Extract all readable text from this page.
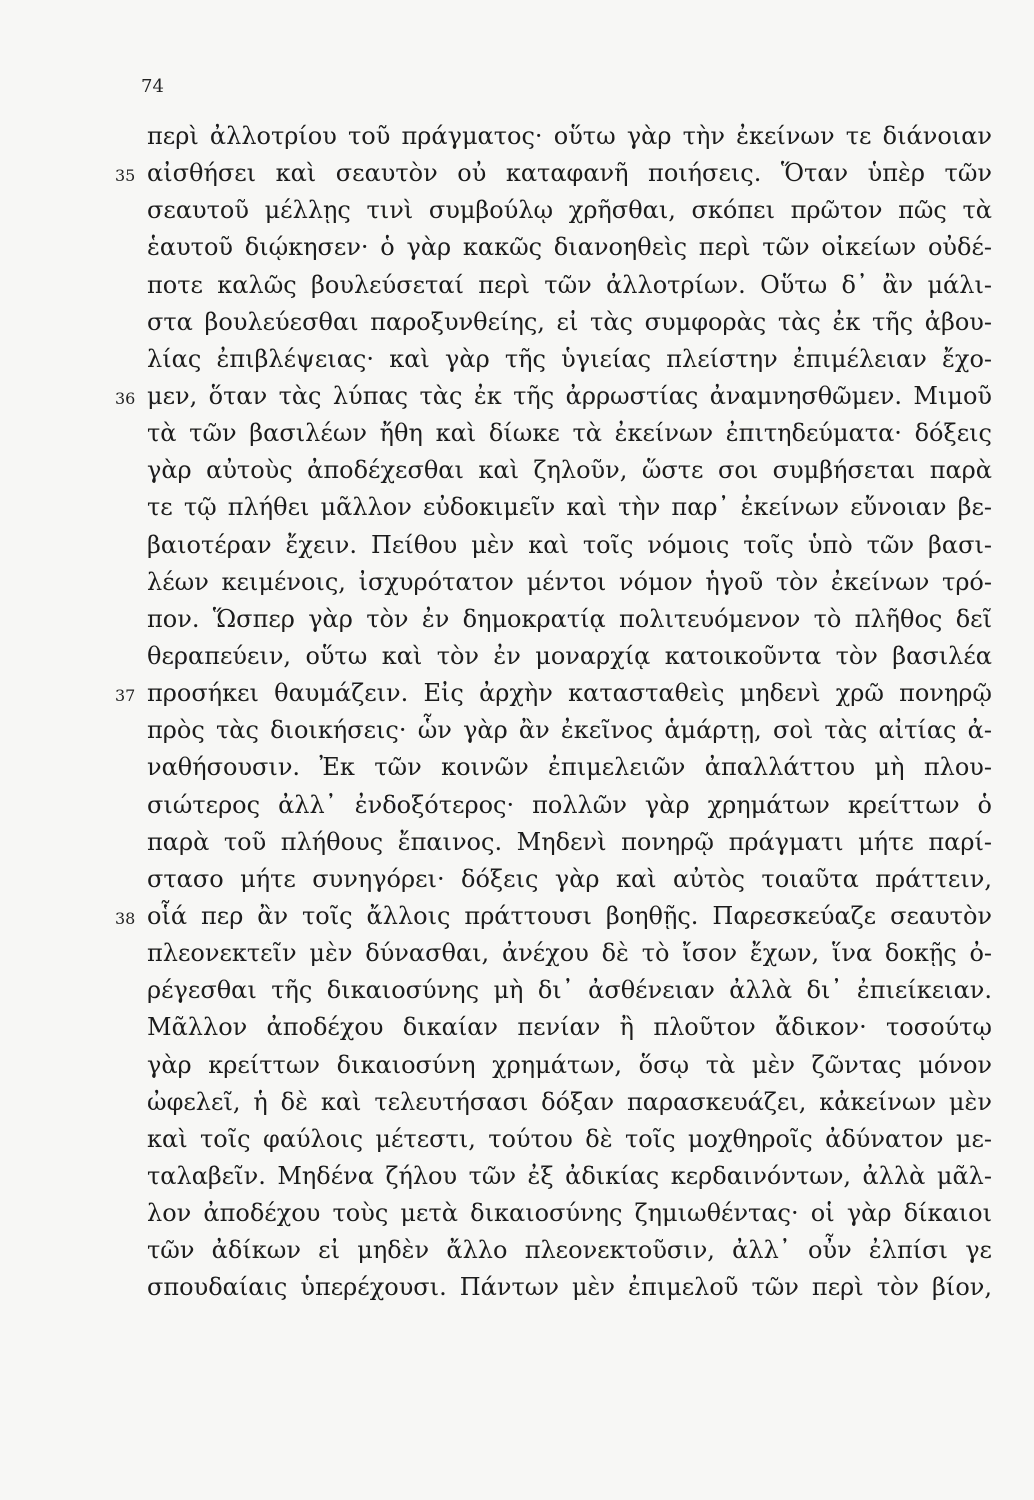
74
περὶ ἀλλοτρίου τοῦ πράγματος· οὕτω γὰρ τὴν ἐκείνων τε διάνοιαν
35 αἰσθήσει καὶ σεαυτὸν οὐ καταφανῆ ποιήσεις. Ὅταν ὑπὲρ τῶν
σεαυτοῦ μέλλῃς τινὶ συμβούλῳ χρῆσθαι, σκόπει πρῶτον πῶς τὰ
ἑαυτοῦ διῴκησεν· ὁ γὰρ κακῶς διανοηθεὶς περὶ τῶν οἰκείων οὐδέ-
ποτε καλῶς βουλεύσεταί περὶ τῶν ἀλλοτρίων. Οὕτω δ᾽ ἂν μάλι-
στα βουλεύεσθαι παροξυνθείης, εἰ τὰς συμφορὰς τὰς ἐκ τῆς ἀβου-
λίας ἐπιβλέψειας· καὶ γὰρ τῆς ὑγιείας πλείστην ἐπιμέλειαν ἔχο-
36 μεν, ὅταν τὰς λύπας τὰς ἐκ τῆς ἀρρωστίας ἀναμνησθῶμεν. Μιμοῦ
τὰ τῶν βασιλέων ἤθη καὶ δίωκε τὰ ἐκείνων ἐπιτηδεύματα· δόξεις
γὰρ αὐτοὺς ἀποδέχεσθαι καὶ ζηλοῦν, ὥστε σοι συμβήσεται παρὰ
τε τῷ πλήθει μᾶλλον εὐδοκιμεῖν καὶ τὴν παρ᾽ ἐκείνων εὔνοιαν βε-
βαιοτέραν ἔχειν. Πείθου μὲν καὶ τοῖς νόμοις τοῖς ὑπὸ τῶν βασι-
λέων κειμένοις, ἰσχυρότατον μέντοι νόμον ἡγοῦ τὸν ἐκείνων τρό-
πον. Ὥσπερ γὰρ τὸν ἐν δημοκρατίᾳ πολιτευόμενον τὸ πλῆθος δεῖ
θεραπεύειν, οὕτω καὶ τὸν ἐν μοναρχίᾳ κατοικοῦντα τὸν βασιλέα
37 προσήκει θαυμάζειν. Εἰς ἀρχὴν κατασταθεὶς μηδενὶ χρῶ πονηρῷ
πρὸς τὰς διοικήσεις· ὧν γὰρ ἂν ἐκεῖνος ἁμάρτῃ, σοὶ τὰς αἰτίας ἀ-
ναθήσουσιν. Ἐκ τῶν κοινῶν ἐπιμελειῶν ἀπαλλάττου μὴ πλου-
σιώτερος ἀλλ᾽ ἐνδοξότερος· πολλῶν γὰρ χρημάτων κρείττων ὁ
παρὰ τοῦ πλήθους ἔπαινος. Μηδενὶ πονηρῷ πράγματι μήτε παρί-
στασο μήτε συνηγόρει· δόξεις γὰρ καὶ αὐτὸς τοιαῦτα πράττειν,
38 οἷά περ ἂν τοῖς ἄλλοις πράττουσι βοηθῇς. Παρεσκεύαζε σεαυτὸν
πλεονεκτεῖν μὲν δύνασθαι, ἀνέχου δὲ τὸ ἴσον ἔχων, ἵνα δοκῇς ὀ-
ρέγεσθαι τῆς δικαιοσύνης μὴ δι᾽ ἀσθένειαν ἀλλὰ δι᾽ ἐπιείκειαν.
Μᾶλλον ἀποδέχου δικαίαν πενίαν ἢ πλοῦτον ἄδικον· τοσούτῳ
γὰρ κρείττων δικαιοσύνη χρημάτων, ὅσῳ τὰ μὲν ζῶντας μόνον
ὠφελεῖ, ἡ δὲ καὶ τελευτήσασι δόξαν παρασκευάζει, κἀκείνων μὲν
καὶ τοῖς φαύλοις μέτεστι, τούτου δὲ τοῖς μοχθηροῖς ἀδύνατον με-
ταλαβεῖν. Μηδένα ζήλου τῶν ἐξ ἀδικίας κερδαινόντων, ἀλλὰ μᾶλ-
λον ἀποδέχου τοὺς μετὰ δικαιοσύνης ζημιωθέντας· οἱ γὰρ δίκαιοι
τῶν ἀδίκων εἰ μηδὲν ἄλλο πλεονεκτοῦσιν, ἀλλ᾽ οὖν ἐλπίσι γε
σπουδαίαις ὑπερέχουσι. Πάντων μὲν ἐπιμελοῦ τῶν περὶ τὸν βίον,
